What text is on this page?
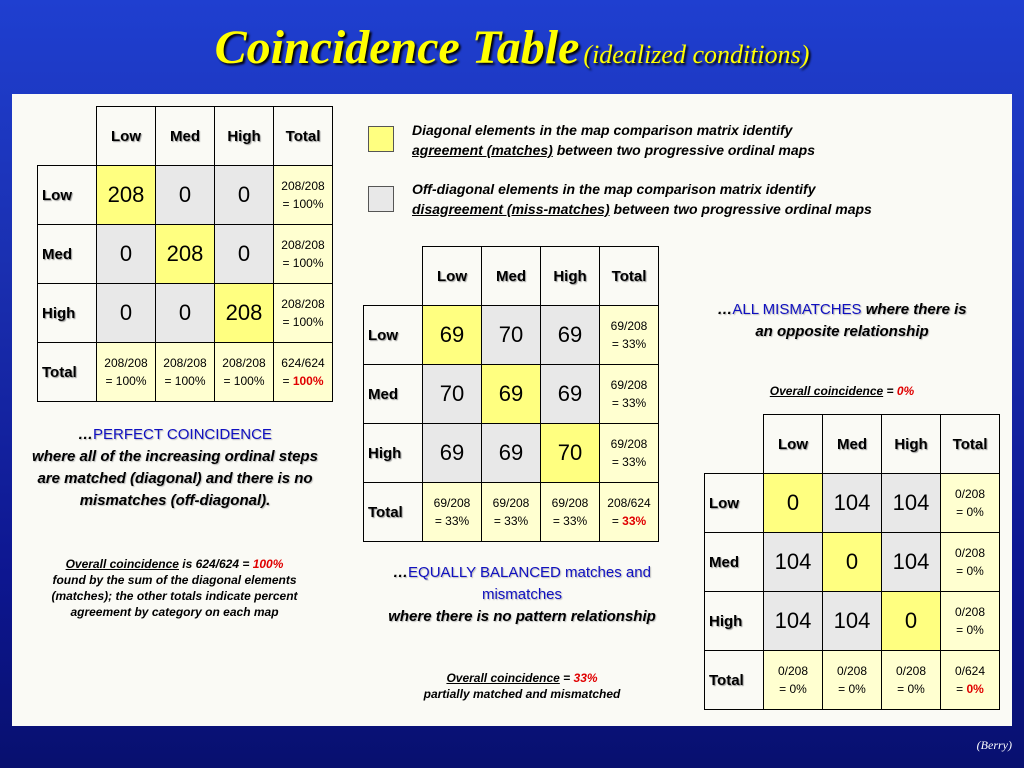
Coincidence Table (idealized conditions)
	Low	Med	High	Total
Low	208	0	0	208/208
= 100%
Med	0	208	0	208/208
= 100%
High	0	0	208	208/208
= 100%
Total	208/208
= 100%	208/208
= 100%	208/208
= 100%	624/624
= 100%
	Low	Med	High	Total
Low	69	70	69	69/208
= 33%
Med	70	69	69	69/208
= 33%
High	69	69	70	69/208
= 33%
Total	69/208
= 33%	69/208
= 33%	69/208
= 33%	208/624
= 33%
	Low	Med	High	Total
Low	0	104	104	0/208
= 0%
Med	104	0	104	0/208
= 0%
High	104	104	0	0/208
= 0%
Total	0/208
= 0%	0/208
= 0%	0/208
= 0%	0/624
= 0%
Diagonal elements in the map comparison matrix identify
agreement (matches) between two progressive ordinal maps
Off-diagonal elements in the map comparison matrix identify
disagreement (miss-matches) between two progressive ordinal maps
…PERFECT COINCIDENCE
where all of the increasing ordinal steps are matched (diagonal) and there is no mismatches (off-diagonal).
Overall coincidence is 624/624 = 100%
found by the sum of the diagonal elements (matches); the other totals indicate percent agreement by category on each map
…EQUALLY BALANCED matches and mismatches
where there is no pattern relationship
Overall coincidence = 33%
partially matched and mismatched
…ALL MISMATCHES where there is an opposite relationship
Overall coincidence = 0%
(Berry)
